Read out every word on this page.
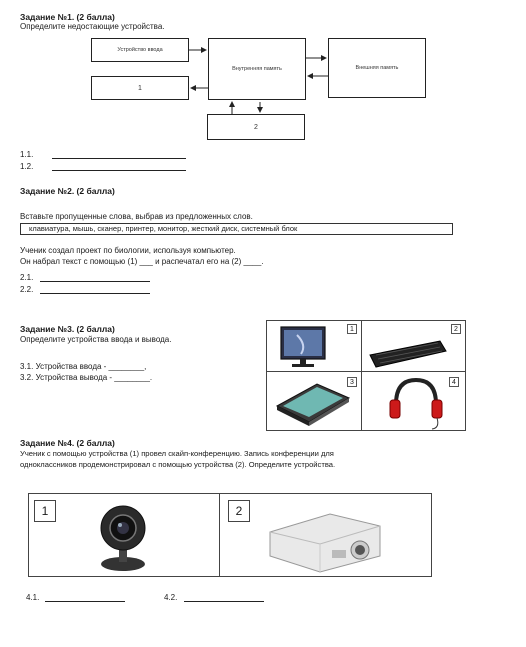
Задание №1. (2 балла)
Определите недостающие устройства.
Устройство ввода
1
Внутренняя память	Внешняя память
2
1.1.
1.2.
Задание №2. (2 балла)
Вставьте пропущенные слова, выбрав из предложенных слов.
клавиатура, мышь, сканер, принтер, монитор, жесткий диск, системный блок
Ученик создал проект по биологии, используя компьютер.
Он набрал текст с помощью (1) ___ и распечатал его на (2) ____.
2.1.
2.2.
Задание №3. (2 балла)
Определите устройства ввода и вывода.
3.1. Устройства ввода - ________,
3.2. Устройства вывода - ________.
1	2
3	4
Задание №4. (2 балла)
Ученик с помощью устройства (1) провел скайп-конференцию. Запись конференции для
одноклассников продемонстрировал с помощью устройства (2). Определите устройства.
1	2
4.1.	4.2.
